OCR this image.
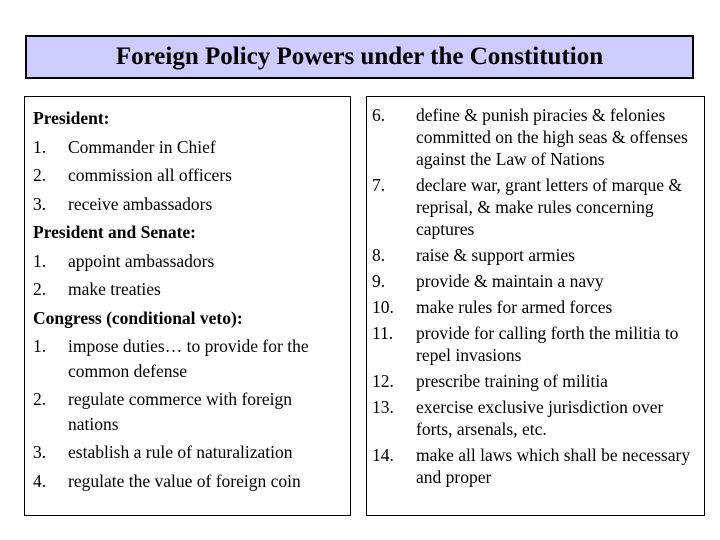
Foreign Policy Powers under the Constitution
President:
1.	Commander in Chief
2.	commission all officers
3.	receive ambassadors
President and Senate:
1.	appoint ambassadors
2.	make treaties
Congress (conditional veto):
1.	impose duties… to provide for the common defense
2.	regulate commerce with foreign nations
3.	establish a rule of naturalization
4.	regulate the value of foreign coin
6.	define & punish piracies & felonies committed on the high seas & offenses against the Law of Nations
7.	declare war, grant letters of marque & reprisal, & make rules concerning captures
8.	raise & support armies
9.	provide & maintain a navy
10.	make rules for armed forces
11.	provide for calling forth the militia to repel invasions
12.	prescribe training of militia
13.	exercise exclusive jurisdiction over forts, arsenals, etc.
14.	make all laws which shall be necessary and proper
